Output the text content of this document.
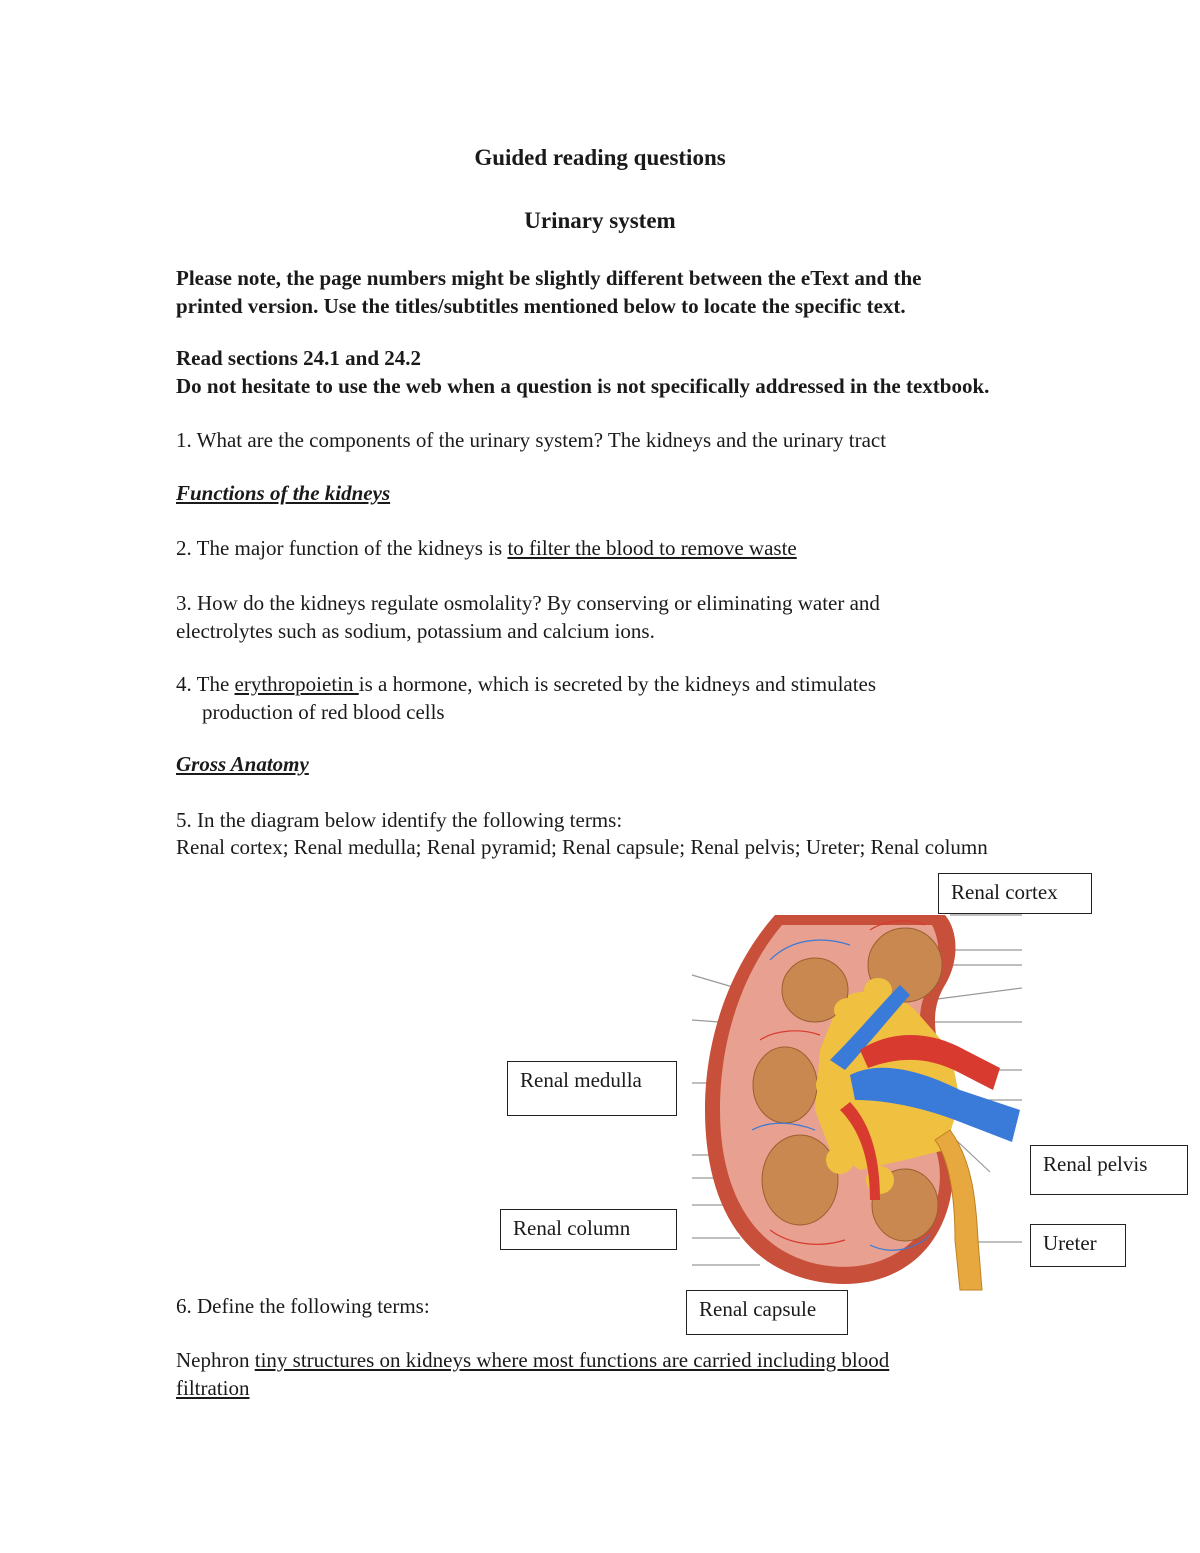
Guided reading questions

Urinary system

Please note, the page numbers might be slightly different between the eText and the

printed version. Use the titles/subtitles mentioned below to locate the specific text.

Read sections 24.1 and 24.2

Do not hesitate to use the web when a question is not specifically addressed in the textbook.

1. What are the components of the urinary system? The kidneys and the urinary tract

Functions of the kidneys

2. The major function of the kidneys is to filter the blood to remove waste

3. How do the kidneys regulate osmolality? By conserving or eliminating water and

electrolytes such as sodium, potassium and calcium ions.

4. The erythropoietin is a hormone, which is secreted by the kidneys and stimulates

production of red blood cells

Gross Anatomy

5. In the diagram below identify the following terms:

Renal cortex; Renal medulla; Renal pyramid; Renal capsule; Renal pelvis; Ureter; Renal column

Renal cortex
Renal medulla
Renal column
Renal capsule
Renal pelvis
Ureter

6. Define the following terms:

Nephron tiny structures on kidneys where most functions are carried including blood

filtration
